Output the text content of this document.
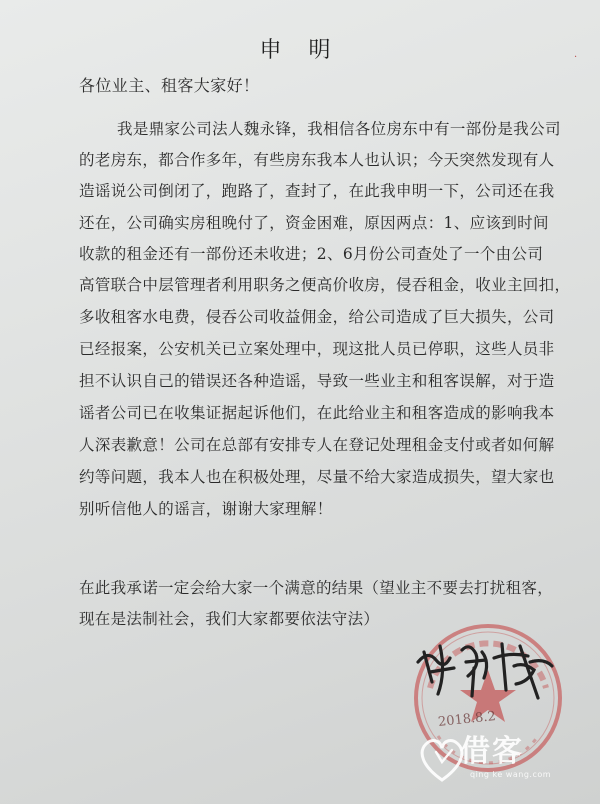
申 明	·
各位业主、租客大家好！
我是鼎家公司法人魏永锋，我相信各位房东中有一部份是我公司
的老房东，都合作多年，有些房东我本人也认识；今天突然发现有人
造谣说公司倒闭了，跑路了，查封了，在此我申明一下，公司还在我
还在，公司确实房租晚付了，资金困难，原因两点：1、应该到时间
收款的租金还有一部份还未收进；2、6月份公司查处了一个由公司
高管联合中层管理者利用职务之便高价收房，侵吞租金，收业主回扣，
多收租客水电费，侵吞公司收益佣金，给公司造成了巨大损失，公司
已经报案，公安机关已立案处理中，现这批人员已停职，这些人员非
担不认识自己的错误还各种造谣，导致一些业主和租客误解，对于造
谣者公司已在收集证据起诉他们，在此给业主和租客造成的影响我本
人深表歉意！公司在总部有安排专人在登记处理租金支付或者如何解
约等问题，我本人也在积极处理，尽量不给大家造成损失，望大家也
别听信他人的谣言，谢谢大家理解！
在此我承诺一定会给大家一个满意的结果（望业主不要去打扰租客，
现在是法制社会，我们大家都要依法守法）
2018.8.2
借客
qing ke wang.com
